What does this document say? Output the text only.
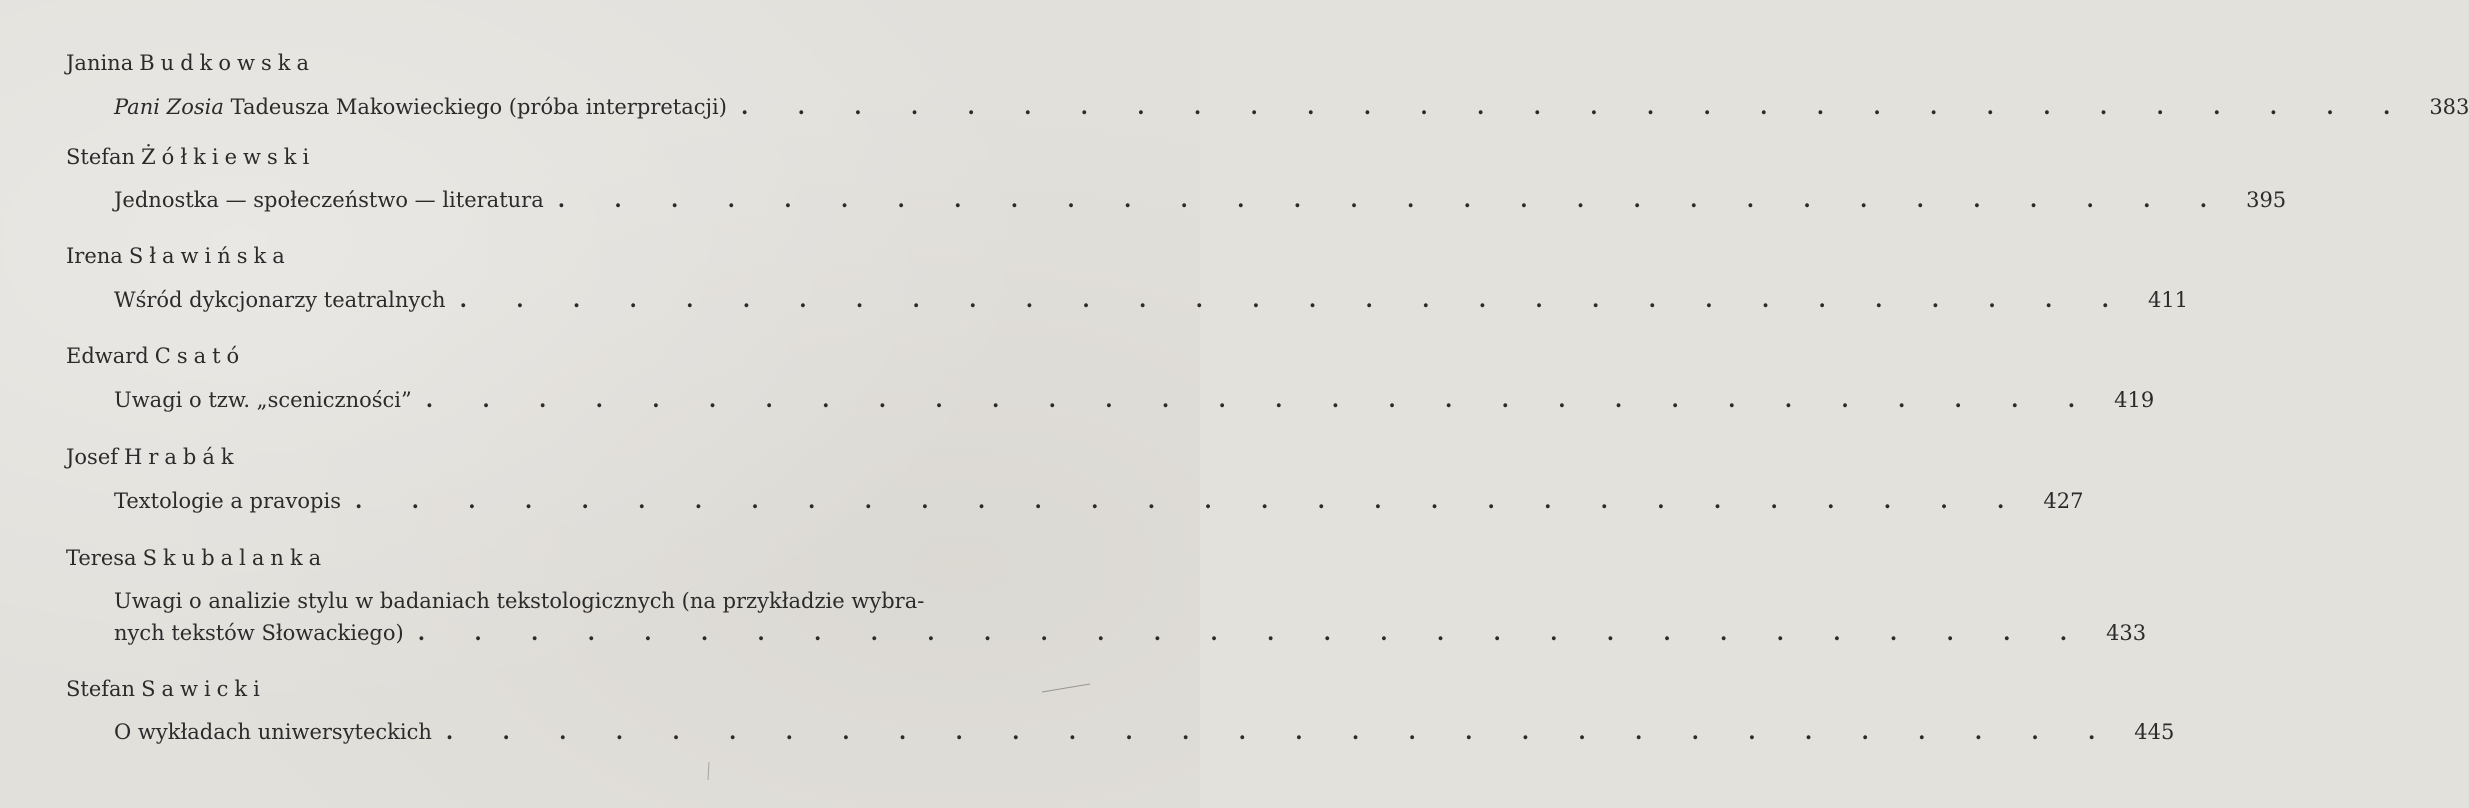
Janina Budkowska
Pani Zosia Tadeusza Makowieckiego (próba interpretacji) . . . . . . . . . . . . . . . . . . . . . . . . . . . . . . 383
Stefan Żółkiewski
Jednostka — społeczeństwo — literatura . . . . . . . . . . . . . . . . . . . . . . . . . . . . . . 395
Irena Sławińska
Wśród dykcjonarzy teatralnych . . . . . . . . . . . . . . . . . . . . . . . . . . . . . . 411
Edward Csató
Uwagi o tzw. „sceniczności” . . . . . . . . . . . . . . . . . . . . . . . . . . . . . . 419
Josef Hrabák
Textologie a pravopis . . . . . . . . . . . . . . . . . . . . . . . . . . . . . . 427
Teresa Skubalanka
Uwagi o analizie stylu w badaniach tekstologicznych (na przykładzie wybra-
nych tekstów Słowackiego) . . . . . . . . . . . . . . . . . . . . . . . . . . . . . . 433
Stefan Sawicki
O wykładach uniwersyteckich . . . . . . . . . . . . . . . . . . . . . . . . . . . . . . 445
